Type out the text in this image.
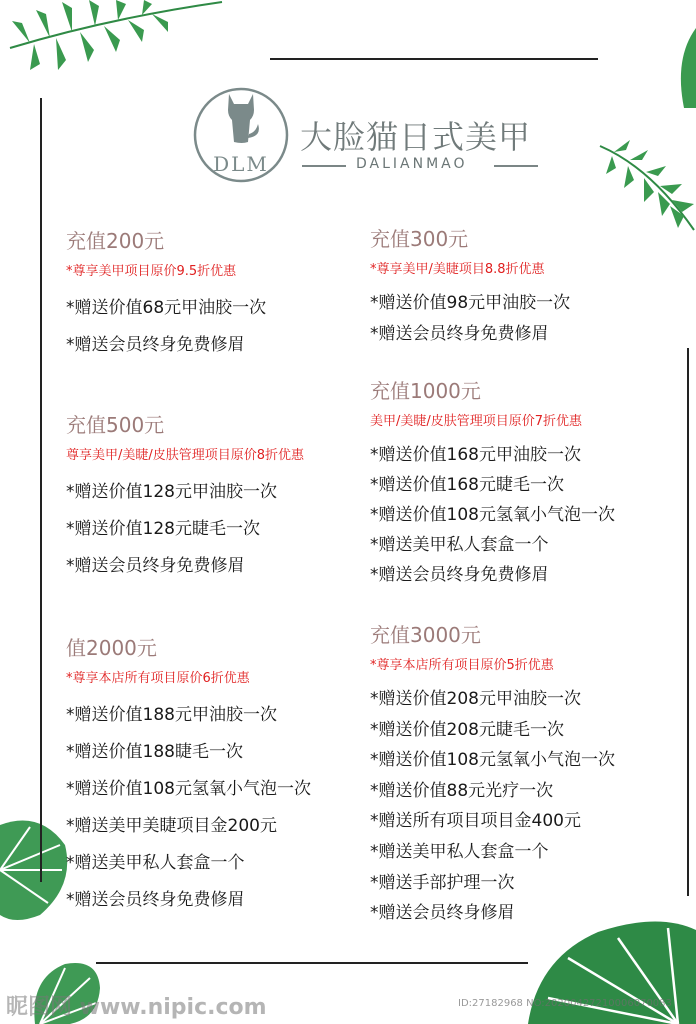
DLM
大脸猫日式美甲
DALIANMAO
充值200元
*尊享美甲项目原价9.5折优惠
*赠送价值68元甲油胶一次
*赠送会员终身免费修眉
充值300元
*尊享美甲/美睫项目8.8折优惠
*赠送价值98元甲油胶一次
*赠送会员终身免费修眉
充值500元
尊享美甲/美睫/皮肤管理项目原价8折优惠
*赠送价值128元甲油胶一次
*赠送价值128元睫毛一次
*赠送会员终身免费修眉
充值1000元
美甲/美睫/皮肤管理项目原价7折优惠
*赠送价值168元甲油胶一次
*赠送价值168元睫毛一次
*赠送价值108元氢氧小气泡一次
*赠送美甲私人套盒一个
*赠送会员终身免费修眉
值2000元
*尊享本店所有项目原价6折优惠
*赠送价值188元甲油胶一次
*赠送价值188睫毛一次
*赠送价值108元氢氧小气泡一次
*赠送美甲美睫项目金200元
*赠送美甲私人套盒一个
*赠送会员终身免费修眉
充值3000元
*尊享本店所有项目原价5折优惠
*赠送价值208元甲油胶一次
*赠送价值208元睫毛一次
*赠送价值108元氢氧小气泡一次
*赠送价值88元光疗一次
*赠送所有项目项目金400元
*赠送美甲私人套盒一个
*赠送手部护理一次
*赠送会员终身修眉
昵图网 www.nipic.com	ID:27182968 NO:20200427210006070083
